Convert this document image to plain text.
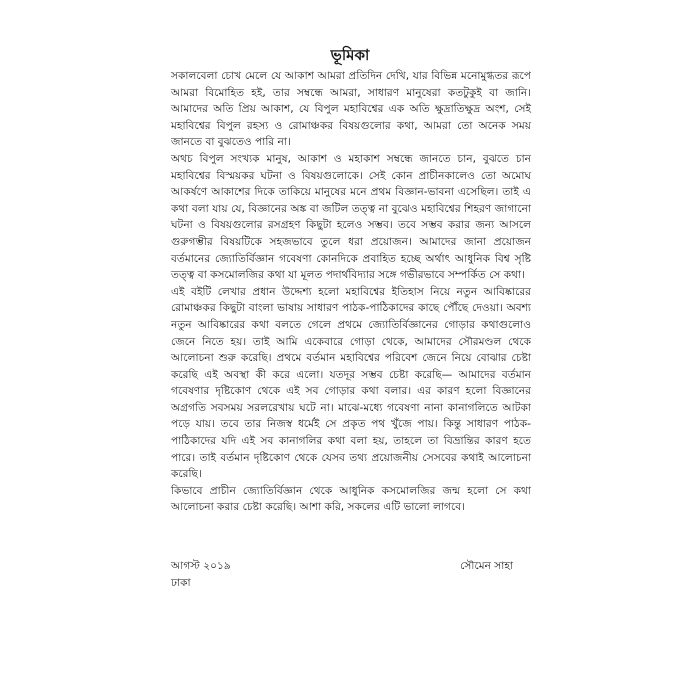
ভূমিকা

সকালবেলা চোখ মেলে যে আকাশ আমরা প্রতিদিন দেখি, যার বিভিন্ন মনোমুগ্ধতর রূপে আমরা বিমোহিত হই, তার সম্বন্ধে আমরা, সাধারণ মানুষেরা কতটুকুই বা জানি। আমাদের অতি প্রিয় আকাশ, যে বিপুল মহাবিশ্বের এক অতি ক্ষুদ্রাতিক্ষুদ্র অংশ, সেই মহাবিশ্বের বিপুল রহস্য ও রোমাঞ্চকর বিষয়গুলোর কথা, আমরা তো অনেক সময় জানতে বা বুঝতেও পারি না।

অথচ বিপুল সংখ্যক মানুষ, আকাশ ও মহাকাশ সম্বন্ধে জানতে চান, বুঝতে চান মহাবিশ্বের বিস্ময়কর ঘটনা ও বিষয়গুলোকে। সেই কোন প্রাচীনকালেও তো অমোঘ আকর্ষণে আকাশের দিকে তাকিয়ে মানুষের মনে প্রথম বিজ্ঞান-ভাবনা এসেছিল। তাই এ কথা বলা যায় যে, বিজ্ঞানের অঙ্ক বা জটিল তত্ত্ব না বুঝেও মহাবিশ্বের শিহরণ জাগানো ঘটনা ও বিষয়গুলোর রসগ্রহণ কিছুটা হলেও সম্ভব। তবে সম্ভব করার জন্য আসলে গুরুগম্ভীর বিষয়টিকে সহজভাবে তুলে ধরা প্রয়োজন। আমাদের জানা প্রয়োজন বর্তমানের জ্যোতির্বিজ্ঞান গবেষণা কোনদিকে প্রবাহিত হচ্ছে অর্থাৎ আধুনিক বিশ্ব সৃষ্টি তত্ত্ব বা কসমোলজির কথা যা মূলত পদার্থবিদ্যার সঙ্গে গভীরভাবে সম্পর্কিত সে কথা।

এই বইটি লেখার প্রধান উদ্দেশ্য হলো মহাবিশ্বের ইতিহাস নিয়ে নতুন আবিষ্কারের রোমাঞ্চকর কিছুটা বাংলা ভাষায় সাধারণ পাঠক-পাঠিকাদের কাছে পৌঁছে দেওয়া। অবশ্য নতুন আবিষ্কারের কথা বলতে গেলে প্রথমে জ্যোতির্বিজ্ঞানের গোড়ার কথাগুলোও জেনে নিতে হয়। তাই আমি একেবারে গোড়া থেকে, আমাদের সৌরমণ্ডল থেকে আলোচনা শুরু করেছি। প্রথমে বর্তমান মহাবিশ্বের পরিবেশ জেনে নিয়ে বোঝার চেষ্টা করেছি এই অবস্থা কী করে এলো। যতদূর সম্ভব চেষ্টা করেছি— আমাদের বর্তমান গবেষণার দৃষ্টিকোণ থেকে এই সব গোড়ার কথা বলার। এর কারণ হলো বিজ্ঞানের অগ্রগতি সবসময় সরলরেখায় ঘটে না। মাঝে-মধ্যে গবেষণা নানা কানাগলিতে আটকা পড়ে যায়। তবে তার নিজস্ব ধর্মেই সে প্রকৃত পথ খুঁজে পায়। কিন্তু সাধারণ পাঠক-পাঠিকাদের যদি এই সব কানাগলির কথা বলা হয়, তাহলে তা বিভ্রান্তির কারণ হতে পারে। তাই বর্তমান দৃষ্টিকোণ থেকে যেসব তথ্য প্রয়োজনীয় সেসবের কথাই আলোচনা করেছি।

কিভাবে প্রাচীন জ্যোতির্বিজ্ঞান থেকে আধুনিক কসমোলজির জন্ম হলো সে কথা আলোচনা করার চেষ্টা করেছি। আশা করি, সকলের এটি ভালো লাগবে।

আগস্ট ২০১৯	সৌমেন সাহা
ঢাকা
